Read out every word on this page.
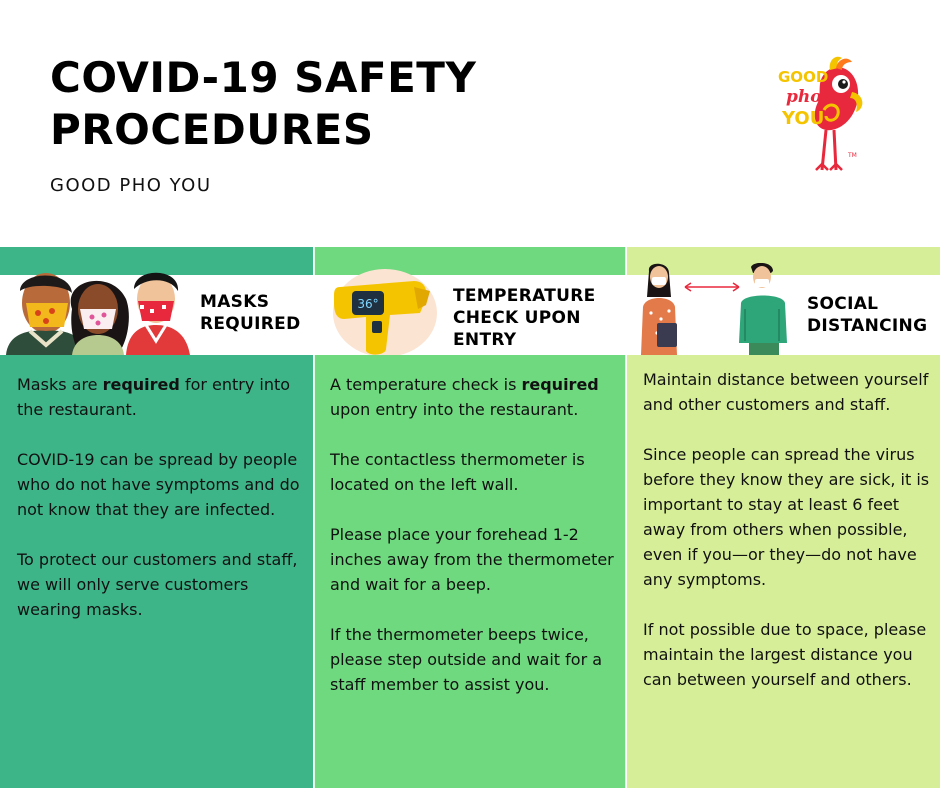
COVID-19 SAFETY PROCEDURES
GOOD PHO YOU
GOOD
pho
YOU
TM
MASKS
REQUIRED

Masks are required for entry into the restaurant.

COVID-19 can be spread by people who do not have symptoms and do not know that they are infected.

To protect our customers and staff, we will only serve customers wearing masks.

36°	TEMPERATURE
CHECK UPON
ENTRY

A temperature check is required upon entry into the restaurant.

The contactless thermometer is located on the left wall.

Please place your forehead 1-2 inches away from the thermometer and wait for a beep.

If the thermometer beeps twice, please step outside and wait for a staff member to assist you.

SOCIAL
DISTANCING

Maintain distance between yourself and other customers and staff.

Since people can spread the virus before they know they are sick, it is important to stay at least 6 feet away from others when possible, even if you—or they—do not have any symptoms.

If not possible due to space, please maintain the largest distance you can between yourself and others.
